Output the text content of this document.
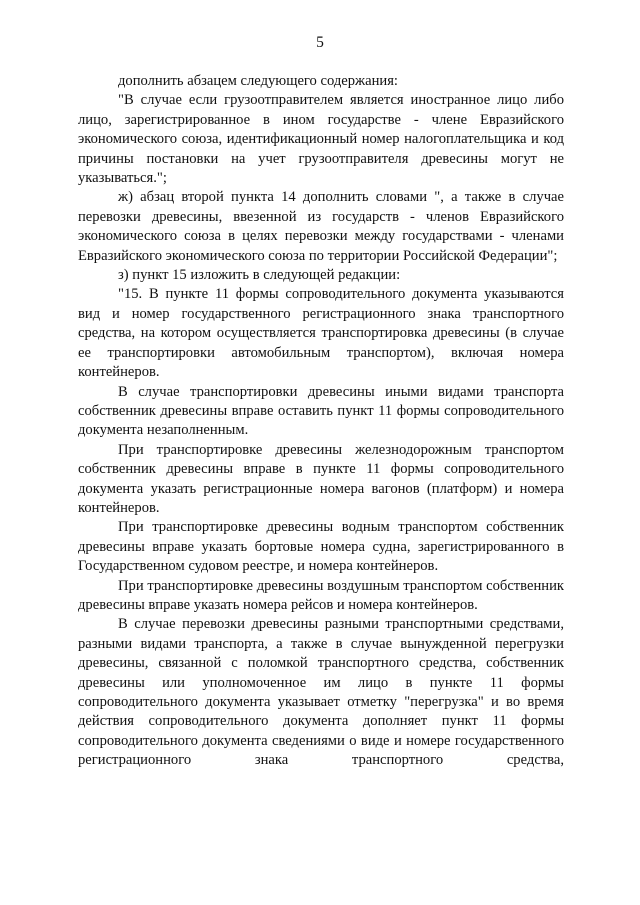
5

дополнить абзацем следующего содержания:

"В случае если грузоотправителем является иностранное лицо либо лицо, зарегистрированное в ином государстве - члене Евразийского экономического союза, идентификационный номер налогоплательщика и код причины постановки на учет грузоотправителя древесины могут не указываться.";

ж) абзац второй пункта 14 дополнить словами ", а также в случае перевозки древесины, ввезенной из государств - членов Евразийского экономического союза в целях перевозки между государствами - членами Евразийского экономического союза по территории Российской Федерации";

з) пункт 15 изложить в следующей редакции:

"15. В пункте 11 формы сопроводительного документа указываются вид и номер государственного регистрационного знака транспортного средства, на котором осуществляется транспортировка древесины (в случае ее транспортировки автомобильным транспортом), включая номера контейнеров.

В случае транспортировки древесины иными видами транспорта собственник древесины вправе оставить пункт 11 формы сопроводительного документа незаполненным.

При транспортировке древесины железнодорожным транспортом собственник древесины вправе в пункте 11 формы сопроводительного документа указать регистрационные номера вагонов (платформ) и номера контейнеров.

При транспортировке древесины водным транспортом собственник древесины вправе указать бортовые номера судна, зарегистрированного в Государственном судовом реестре, и номера контейнеров.

При транспортировке древесины воздушным транспортом собственник древесины вправе указать номера рейсов и номера контейнеров.

В случае перевозки древесины разными транспортными средствами, разными видами транспорта, а также в случае вынужденной перегрузки древесины, связанной с поломкой транспортного средства, собственник древесины или уполномоченное им лицо в пункте 11 формы сопроводительного документа указывает отметку "перегрузка" и во время действия сопроводительного документа дополняет пункт 11 формы сопроводительного документа сведениями о виде и номере государственного регистрационного знака транспортного средства,
